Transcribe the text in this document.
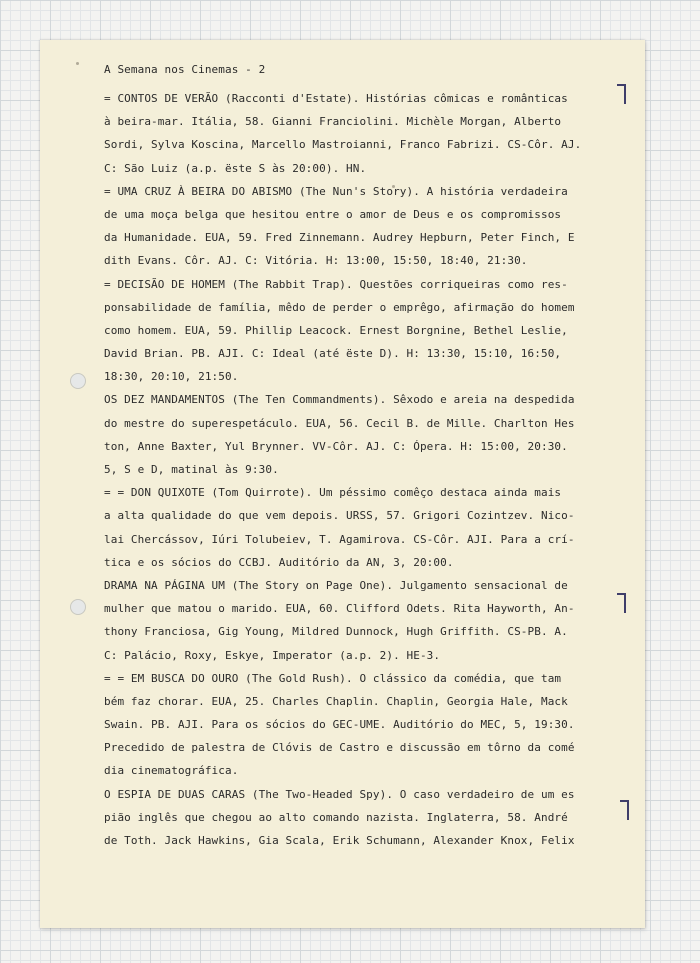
A Semana nos Cinemas - 2
= CONTOS DE VERÃO (Racconti d'Estate). Histórias cômicas e românticas
à beira-mar. Itália, 58. Gianni Franciolini. Michèle Morgan, Alberto
Sordi, Sylva Koscina, Marcello Mastroianni, Franco Fabrizi. CS-Côr. AJ.
C: São Luiz (a.p. ëste S às 20:00). HN.
= UMA CRUZ À BEIRA DO ABISMO (The Nun's Story). A história verdadeira
de uma moça belga que hesitou entre o amor de Deus e os compromissos
da Humanidade. EUA, 59. Fred Zinnemann. Audrey Hepburn, Peter Finch, E
dith Evans. Côr. AJ. C: Vitória. H: 13:00, 15:50, 18:40, 21:30.
= DECISÃO DE HOMEM (The Rabbit Trap). Questões corriqueiras como res-
ponsabilidade de família, mêdo de perder o emprêgo, afirmação do homem
como homem. EUA, 59. Phillip Leacock. Ernest Borgnine, Bethel Leslie,
David Brian. PB. AJI. C: Ideal (até ëste D). H: 13:30, 15:10, 16:50,
18:30, 20:10, 21:50.
OS DEZ MANDAMENTOS (The Ten Commandments). Sêxodo e areia na despedida
do mestre do superespetáculo. EUA, 56. Cecil B. de Mille. Charlton Hes
ton, Anne Baxter, Yul Brynner. VV-Côr. AJ. C: Ópera. H: 15:00, 20:30.
5, S e D, matinal às 9:30.
= = DON QUIXOTE (Tom Quirrote). Um péssimo comêço destaca ainda mais
a alta qualidade do que vem depois. URSS, 57. Grigori Cozintzev. Nico-
lai Chercássov, Iúri Tolubeiev, T. Agamirova. CS-Côr. AJI. Para a crí-
tica e os sócios do CCBJ. Auditório da AN, 3, 20:00.
DRAMA NA PÁGINA UM (The Story on Page One). Julgamento sensacional de
mulher que matou o marido. EUA, 60. Clifford Odets. Rita Hayworth, An-
thony Franciosa, Gig Young, Mildred Dunnock, Hugh Griffith. CS-PB. A.
C: Palácio, Roxy, Eskye, Imperator (a.p. 2). HE-3.
= = EM BUSCA DO OURO (The Gold Rush). O clássico da comédia, que tam
bém faz chorar. EUA, 25. Charles Chaplin. Chaplin, Georgia Hale, Mack
Swain. PB. AJI. Para os sócios do GEC-UME. Auditório do MEC, 5, 19:30.
Precedido de palestra de Clóvis de Castro e discussão em tôrno da comé
dia cinematográfica.
O ESPIA DE DUAS CARAS (The Two-Headed Spy). O caso verdadeiro de um es
pião inglês que chegou ao alto comando nazista. Inglaterra, 58. André
de Toth. Jack Hawkins, Gia Scala, Erik Schumann, Alexander Knox, Felix
